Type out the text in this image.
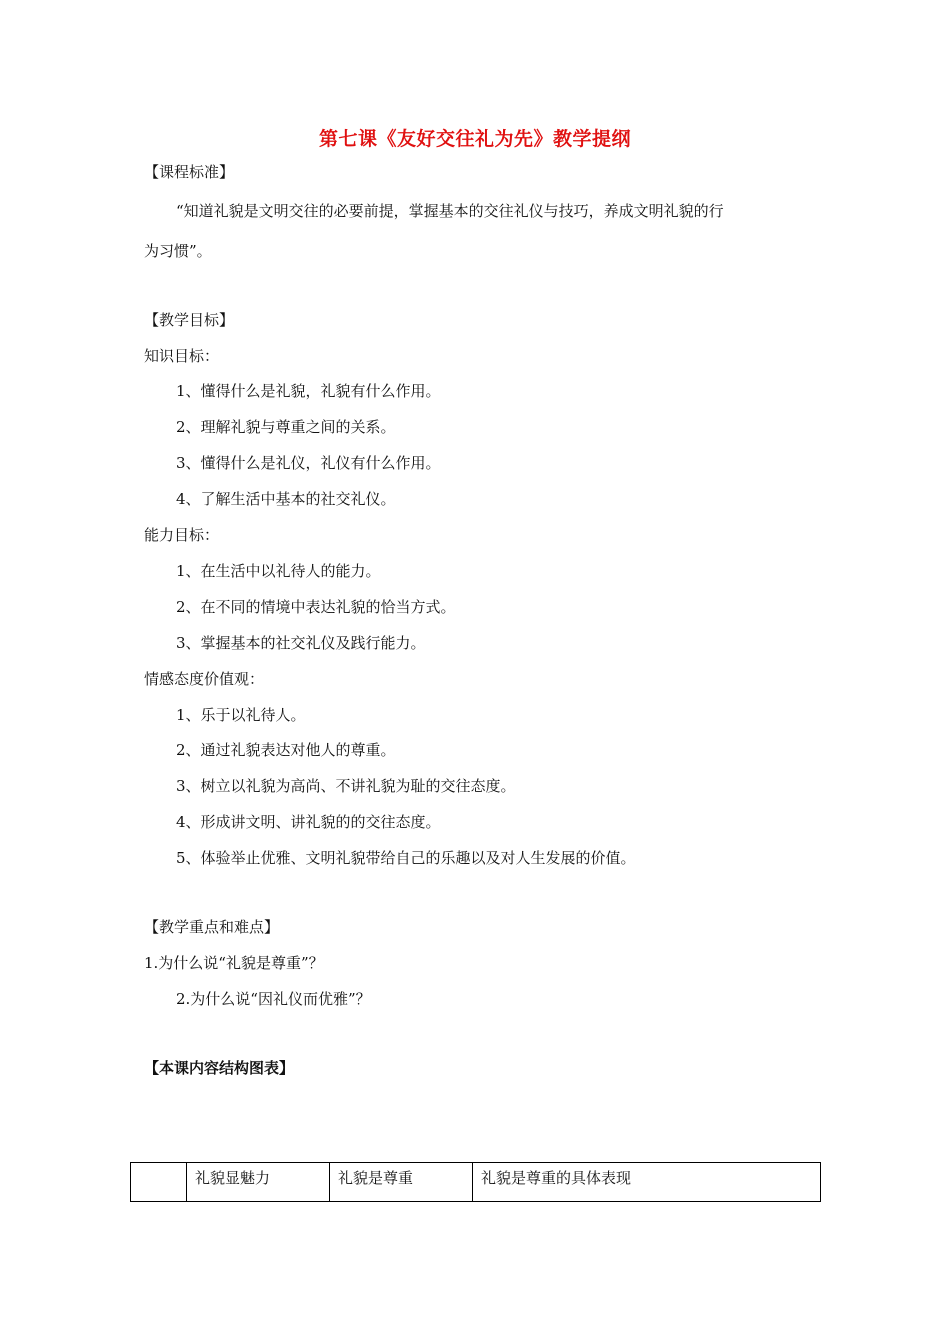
第七课《友好交往礼为先》教学提纲
【课程标准】
“知道礼貌是文明交往的必要前提，掌握基本的交往礼仪与技巧，养成文明礼貌的行
为习惯”。
【教学目标】
知识目标：
1、懂得什么是礼貌，礼貌有什么作用。
2、理解礼貌与尊重之间的关系。
3、懂得什么是礼仪，礼仪有什么作用。
4、了解生活中基本的社交礼仪。
能力目标：
1、在生活中以礼待人的能力。
2、在不同的情境中表达礼貌的恰当方式。
3、掌握基本的社交礼仪及践行能力。
情感态度价值观：
1、乐于以礼待人。
2、通过礼貌表达对他人的尊重。
3、树立以礼貌为高尚、不讲礼貌为耻的交往态度。
4、形成讲文明、讲礼貌的的交往态度。
5、体验举止优雅、文明礼貌带给自己的乐趣以及对人生发展的价值。
【教学重点和难点】
1.为什么说“礼貌是尊重”？
2.为什么说“因礼仪而优雅”？
【本课内容结构图表】
	礼貌显魅力	礼貌是尊重	礼貌是尊重的具体表现
